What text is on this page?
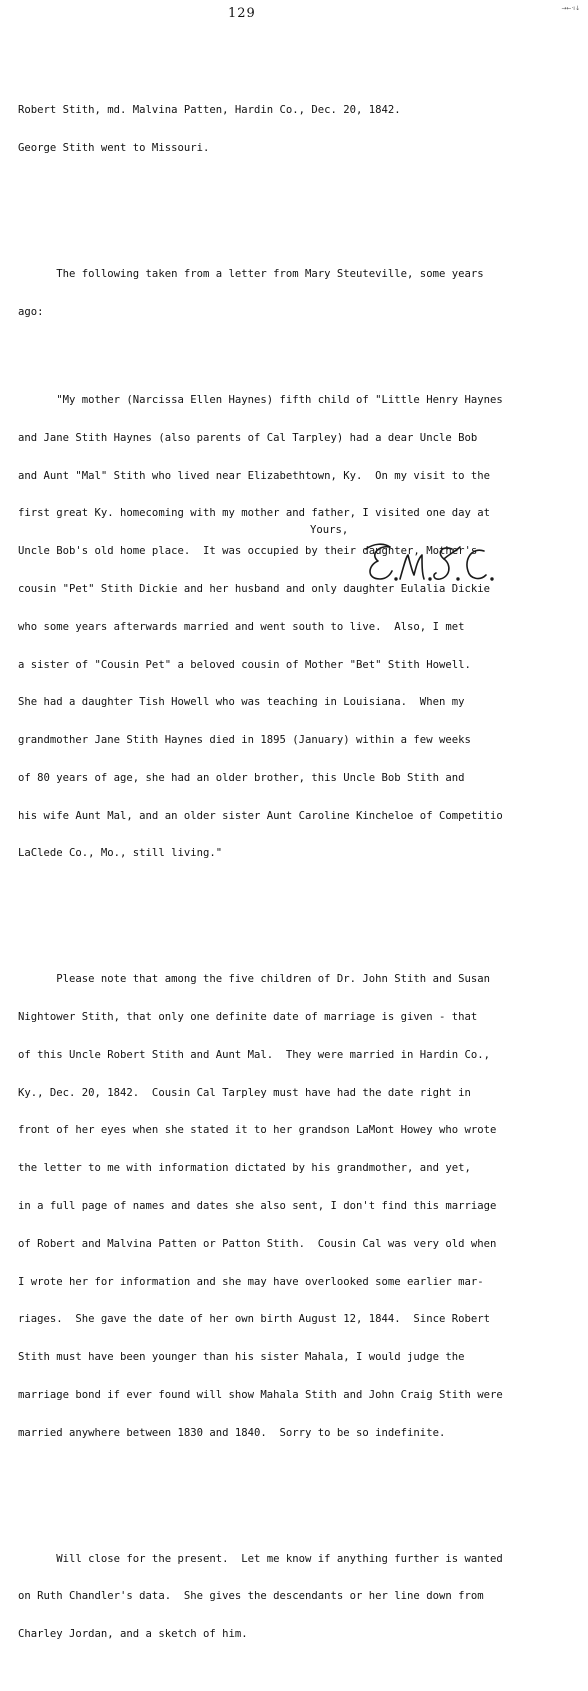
129	→←·ı↓

Robert Stith, md. Malvina Patten, Hardin Co., Dec. 20, 1842.

George Stith went to Missouri.

The following taken from a letter from Mary Steuteville, some years

ago:

"My mother (Narcissa Ellen Haynes) fifth child of "Little Henry Haynes

and Jane Stith Haynes (also parents of Cal Tarpley) had a dear Uncle Bob

and Aunt "Mal" Stith who lived near Elizabethtown, Ky.  On my visit to the

first great Ky. homecoming with my mother and father, I visited one day at

Uncle Bob's old home place.  It was occupied by their daughter, Mother's

cousin "Pet" Stith Dickie and her husband and only daughter Eulalia Dickie

who some years afterwards married and went south to live.  Also, I met

a sister of "Cousin Pet" a beloved cousin of Mother "Bet" Stith Howell.

She had a daughter Tish Howell who was teaching in Louisiana.  When my

grandmother Jane Stith Haynes died in 1895 (January) within a few weeks

of 80 years of age, she had an older brother, this Uncle Bob Stith and

his wife Aunt Mal, and an older sister Aunt Caroline Kincheloe of Competitio

LaClede Co., Mo., still living."

Please note that among the five children of Dr. John Stith and Susan

Nightower Stith, that only one definite date of marriage is given - that

of this Uncle Robert Stith and Aunt Mal.  They were married in Hardin Co.,

Ky., Dec. 20, 1842.  Cousin Cal Tarpley must have had the date right in

front of her eyes when she stated it to her grandson LaMont Howey who wrote

the letter to me with information dictated by his grandmother, and yet,

in a full page of names and dates she also sent, I don't find this marriage

of Robert and Malvina Patten or Patton Stith.  Cousin Cal was very old when

I wrote her for information and she may have overlooked some earlier mar-

riages.  She gave the date of her own birth August 12, 1844.  Since Robert

Stith must have been younger than his sister Mahala, I would judge the

marriage bond if ever found will show Mahala Stith and John Craig Stith were

married anywhere between 1830 and 1840.  Sorry to be so indefinite.

Will close for the present.  Let me know if anything further is wanted

on Ruth Chandler's data.  She gives the descendants or her line down from

Charley Jordan, and a sketch of him.

Yours,
